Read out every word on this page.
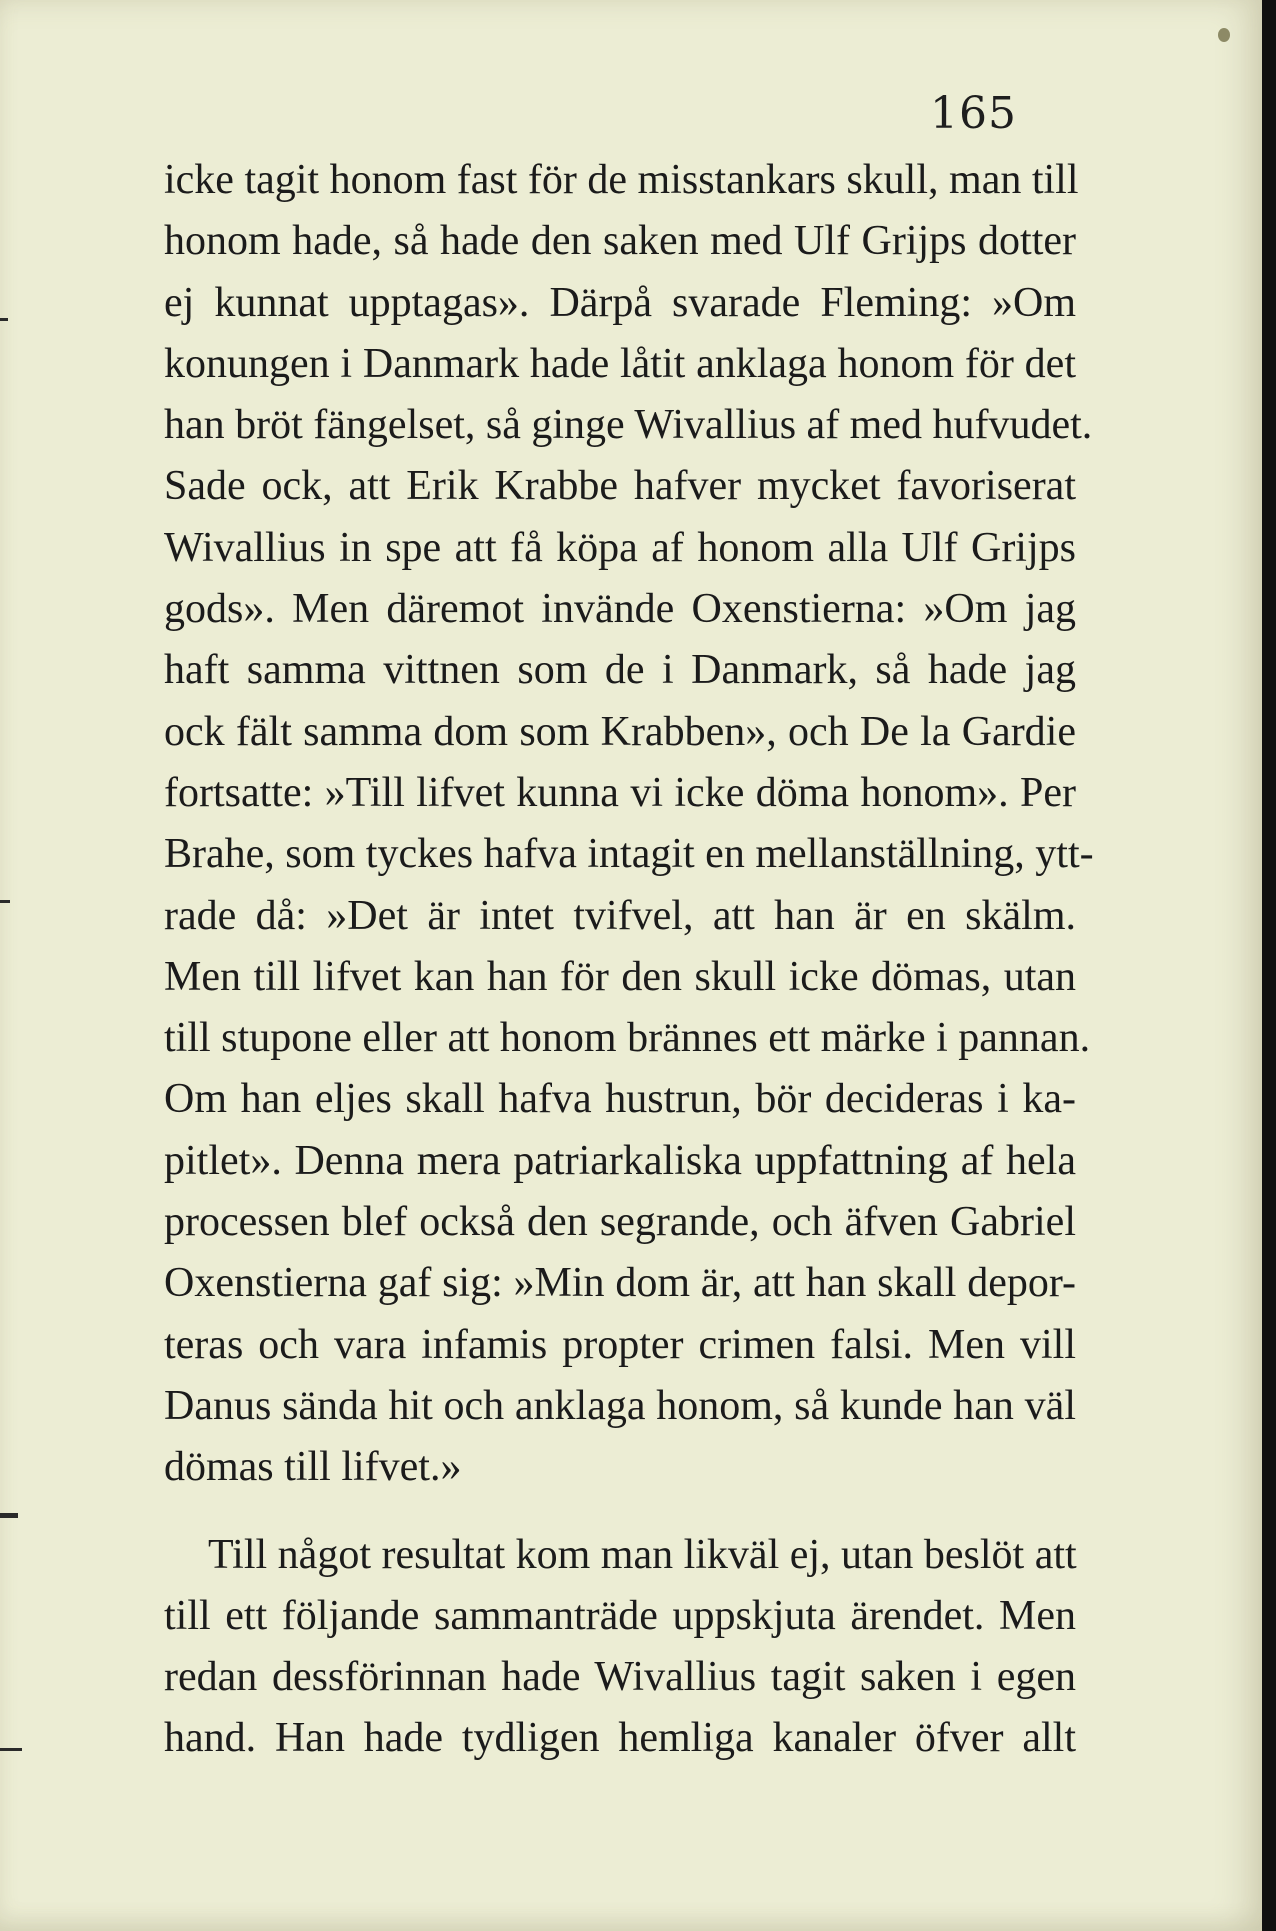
165
icke tagit honom fast för de misstankars skull, man till
honom hade, så hade den saken med Ulf Grijps dotter
ej kunnat upptagas». Därpå svarade Fleming: »Om
konungen i Danmark hade låtit anklaga honom för det
han bröt fängelset, så ginge Wivallius af med hufvudet.
Sade ock, att Erik Krabbe hafver mycket favoriserat
Wivallius in spe att få köpa af honom alla Ulf Grijps
gods». Men däremot invände Oxenstierna: »Om jag
haft samma vittnen som de i Danmark, så hade jag
ock fält samma dom som Krabben», och De la Gardie
fortsatte: »Till lifvet kunna vi icke döma honom». Per
Brahe, som tyckes hafva intagit en mellanställning, ytt-
rade då: »Det är intet tvifvel, att han är en skälm.
Men till lifvet kan han för den skull icke dömas, utan
till stupone eller att honom brännes ett märke i pannan.
Om han eljes skall hafva hustrun, bör decideras i ka-
pitlet». Denna mera patriarkaliska uppfattning af hela
processen blef också den segrande, och äfven Gabriel
Oxenstierna gaf sig: »Min dom är, att han skall depor-
teras och vara infamis propter crimen falsi. Men vill
Danus sända hit och anklaga honom, så kunde han väl
dömas till lifvet.»
Till något resultat kom man likväl ej, utan beslöt att
till ett följande sammanträde uppskjuta ärendet. Men
redan dessförinnan hade Wivallius tagit saken i egen
hand. Han hade tydligen hemliga kanaler öfver allt
